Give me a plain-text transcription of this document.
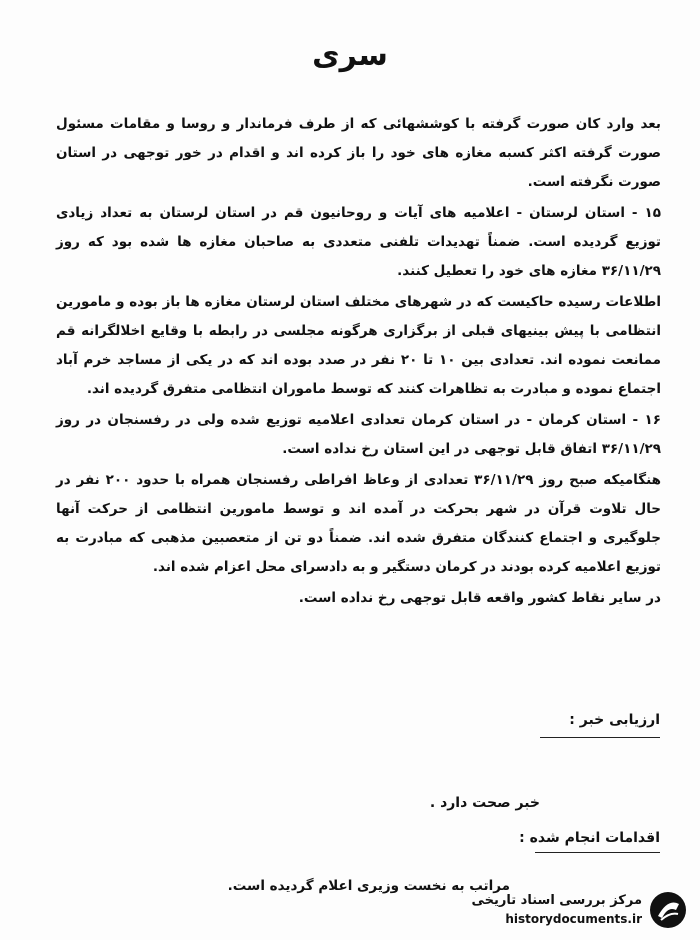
سری

بعد وارد کان صورت گرفته با کوششهائی که از طرف فرماندار و روسا و مقامات مسئول صورت گرفته اکثر کسبه مغازه های خود را باز کرده اند و اقدام در خور توجهی در استان صورت نگرفته است.

۱۵ - استان لرستان - اعلامیه های آیات و روحانیون قم در استان لرستان به تعداد زیادی توزیع گردیده است. ضمناً تهدیدات تلفنی متعددی به صاحبان مغازه ها شده بود که روز ۳۶/۱۱/۲۹ مغازه های خود را تعطیل کنند.

اطلاعات رسیده حاکیست که در شهرهای مختلف استان لرستان مغازه ها باز بوده و مامورین انتظامی با پیش بینیهای قبلی از برگزاری هرگونه مجلسی در رابطه با وقایع اخلالگرانه قم ممانعت نموده اند. تعدادی بین ۱۰ تا ۲۰ نفر در صدد بوده اند که در یکی از مساجد خرم آباد اجتماع نموده و مبادرت به تظاهرات کنند که توسط ماموران انتظامی متفرق گردیده اند.

۱۶ - استان کرمان - در استان کرمان تعدادی اعلامیه توزیع شده ولی در رفسنجان در روز ۳۶/۱۱/۲۹ اتفاق قابل توجهی در این استان رخ نداده است.

هنگامیکه صبح روز ۳۶/۱۱/۲۹ تعدادی از وعاظ افراطی رفسنجان همراه با حدود ۲۰۰ نفر در حال تلاوت قرآن در شهر بحرکت در آمده اند و توسط مامورین انتظامی از حرکت آنها جلوگیری و اجتماع کنندگان متفرق شده اند. ضمناً دو تن از متعصبین مذهبی که مبادرت به توزیع اعلامیه کرده بودند در کرمان دستگیر و به دادسرای محل اعزام شده اند.

در سایر نقاط کشور واقعه قابل توجهی رخ نداده است.

ارزیابی خبر :
خبر صحت دارد .
اقدامات انجام شده :
مراتب به نخست وزیری اعلام گردیده است.
مرکز بررسی اسناد تاریخی
historydocuments.ir
